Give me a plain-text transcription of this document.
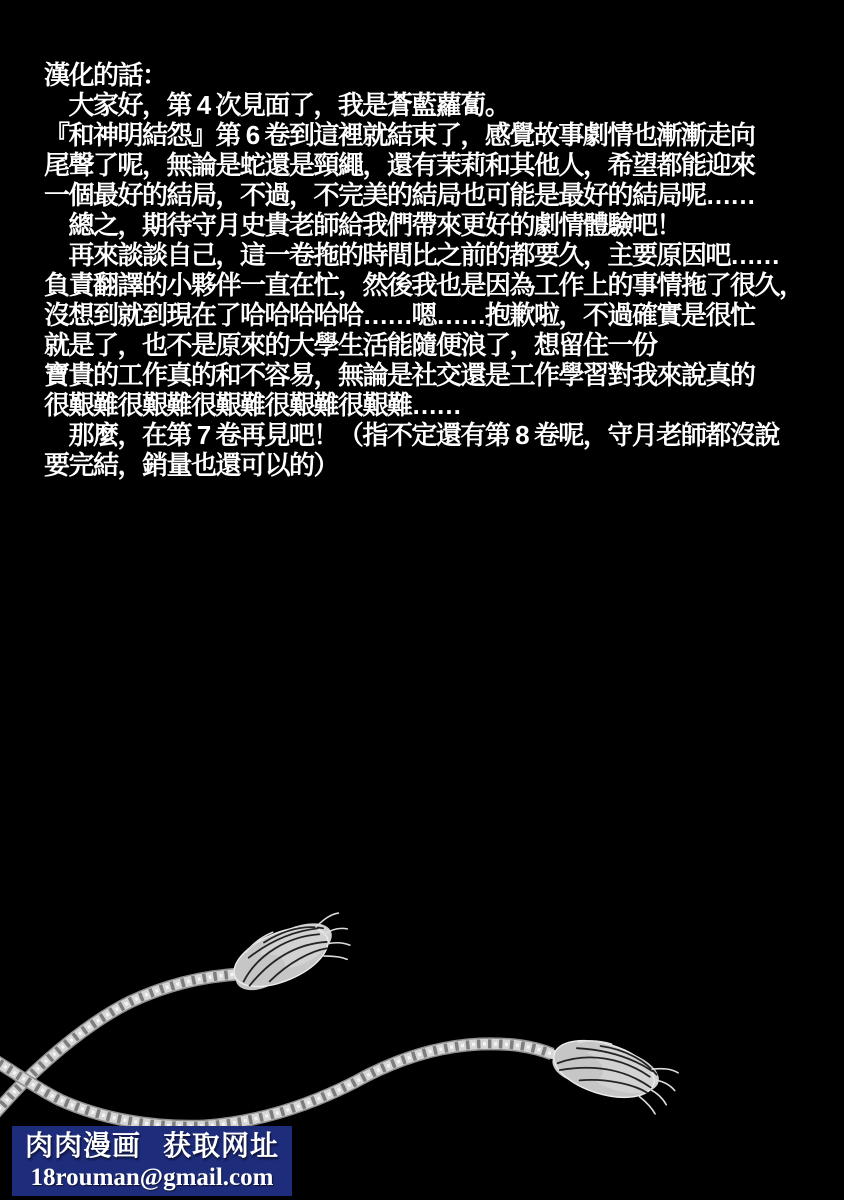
漢化的話：
　大家好，第 4 次見面了，我是蒼藍蘿蔔。
『和神明結怨』第 6 卷到這裡就結束了，感覺故事劇情也漸漸走向
尾聲了呢，無論是蛇還是頸繩，還有茉莉和其他人，希望都能迎來
一個最好的結局，不過，不完美的結局也可能是最好的結局呢……
　總之，期待守月史貴老師給我們帶來更好的劇情體驗吧！
　再來談談自己，這一卷拖的時間比之前的都要久，主要原因吧……
負責翻譯的小夥伴一直在忙，然後我也是因為工作上的事情拖了很久，
沒想到就到現在了哈哈哈哈哈……嗯……抱歉啦，不過確實是很忙
就是了，也不是原來的大學生活能隨便浪了，想留住一份
寶貴的工作真的和不容易，無論是社交還是工作學習對我來說真的
很艱難很艱難很艱難很艱難很艱難……
　那麼，在第 7 卷再見吧！（指不定還有第 8 卷呢，守月老師都沒說
要完結，銷量也還可以的）
肉肉漫画 获取网址
18rouman@gmail.com
